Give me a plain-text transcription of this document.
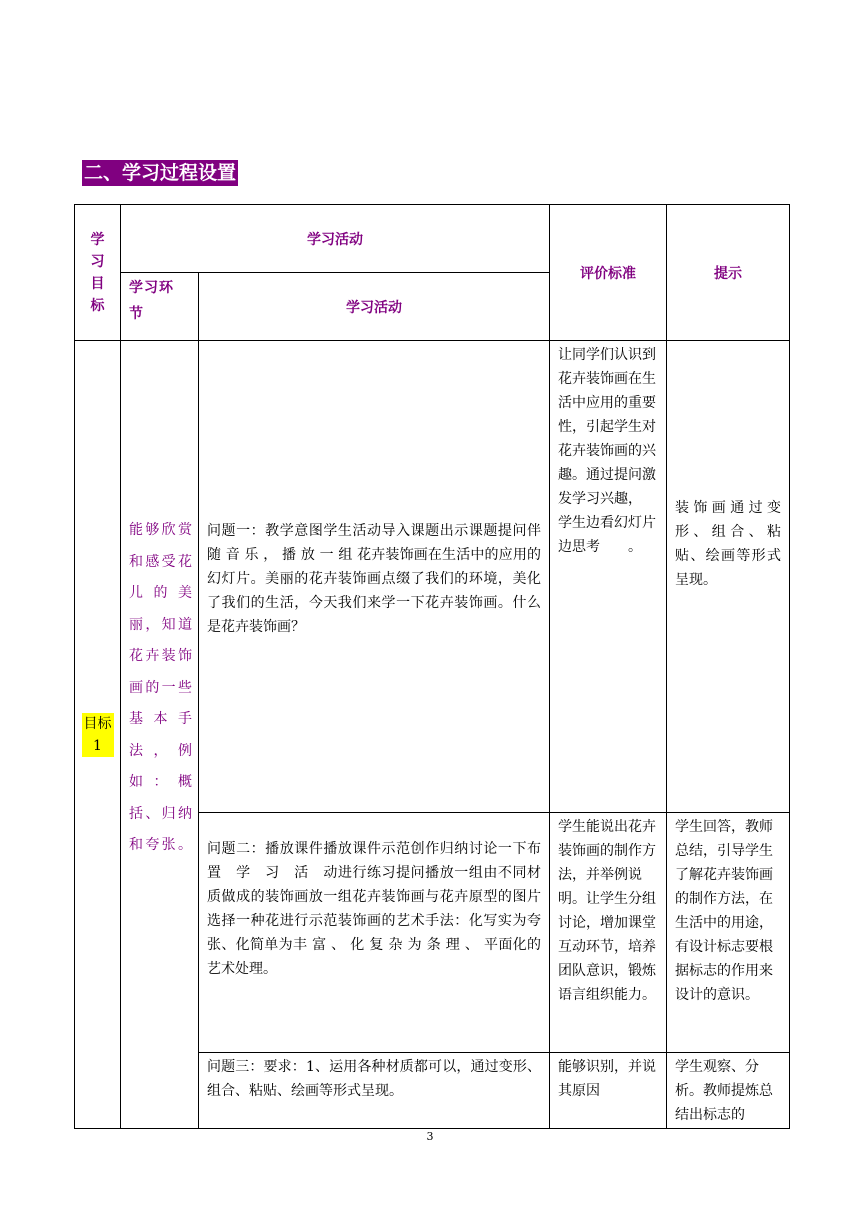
二、学习过程设置
学习目标	学习活动		评价标准	提示

	学习环节	学习活动		
目标1	能够欣赏和感受花儿的美丽，知道花卉装饰画的一些基本手法，例如：概括、归纳和夸张。	问题一：教学意图学生活动导入课题出示课题提问伴 随 音 乐 ， 播 放 一 组 花卉装饰画在生活中的应用的幻灯片。美丽的花卉装饰画点缀了我们的环境，美化了我们的生活，今天我们来学一下花卉装饰画。什么是花卉装饰画？	让同学们认识到花卉装饰画在生活中应用的重要性，引起学生对花卉装饰画的兴趣。通过提问激发学习兴趣，　学生边看幻灯片边思考　　。	装饰画通过变形、组合、粘贴、绘画等形式呈现。

		问题二：播放课件播放课件示范创作归纳讨论一下布　置　学　习　活　动进行练习提问播放一组由不同材质做成的装饰画放一组花卉装饰画与花卉原型的图片选择一种花进行示范装饰画的艺术手法：化写实为夸张、化简单为丰 富 、 化 复 杂 为 条 理 、 平面化的艺术处理。	学生能说出花卉装饰画的制作方法，并举例说明。让学生分组讨论，增加课堂互动环节，培养团队意识，锻炼语言组织能力。	学生回答，教师总结，引导学生了解花卉装饰画的制作方法，在生活中的用途，有设计标志要根据标志的作用来设计的意识。

		问题三：要求：1、运用各种材质都可以，通过变形、组合、粘贴、绘画等形式呈现。	能够识别，并说其原因	学生观察、分析。教师提炼总结出标志的
3
